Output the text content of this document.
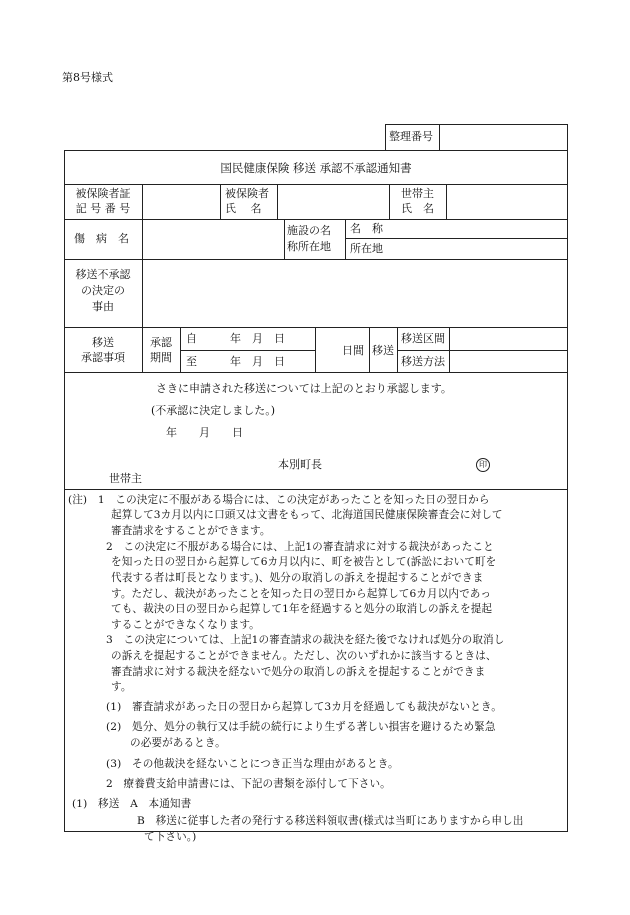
第8号様式
整理番号
国民健康保険 移送 承認不承認通知書
被保険者証
記 号 番 号
被保険者
氏　 名
世帯主
氏　名
傷　病　名
施設の名
称所在地
名　称
所在地
移送不承認
の決定の
事由
移送
承認事項
承認
期間
自　　　年　月　日
至　　　年　月　日
日間 移送
移送区間
移送方法
さきに申請された移送については上記のとおり承認します。
(不承認に決定しました。)
年　　月　　日
本別町長	印
世帯主
(注)　1　この決定に不服がある場合には、この決定があったことを知った日の翌日から
起算して3カ月以内に口頭又は文書をもって、北海道国民健康保険審査会に対して
審査請求をすることができます。
2　この決定に不服がある場合には、上記1の審査請求に対する裁決があったこと
を知った日の翌日から起算して6カ月以内に、町を被告として(訴訟において町を
代表する者は町長となります。)、処分の取消しの訴えを提起することができま
す。ただし、裁決があったことを知った日の翌日から起算して6カ月以内であっ
ても、裁決の日の翌日から起算して1年を経過すると処分の取消しの訴えを提起
することができなくなります。
3　この決定については、上記1の審査請求の裁決を経た後でなければ処分の取消し
の訴えを提起することができません。ただし、次のいずれかに該当するときは、
審査請求に対する裁決を経ないで処分の取消しの訴えを提起することができま
す。
(1)　審査請求があった日の翌日から起算して3カ月を経過しても裁決がないとき。
(2)　処分、処分の執行又は手続の続行により生ずる著しい損害を避けるため緊急
の必要があるとき。
(3)　その他裁決を経ないことにつき正当な理由があるとき。
2　療養費支給申請書には、下記の書類を添付して下さい。
(1)　移送　A　本通知書
B　移送に従事した者の発行する移送料領収書(様式は当町にありますから申し出
て下さい。)
